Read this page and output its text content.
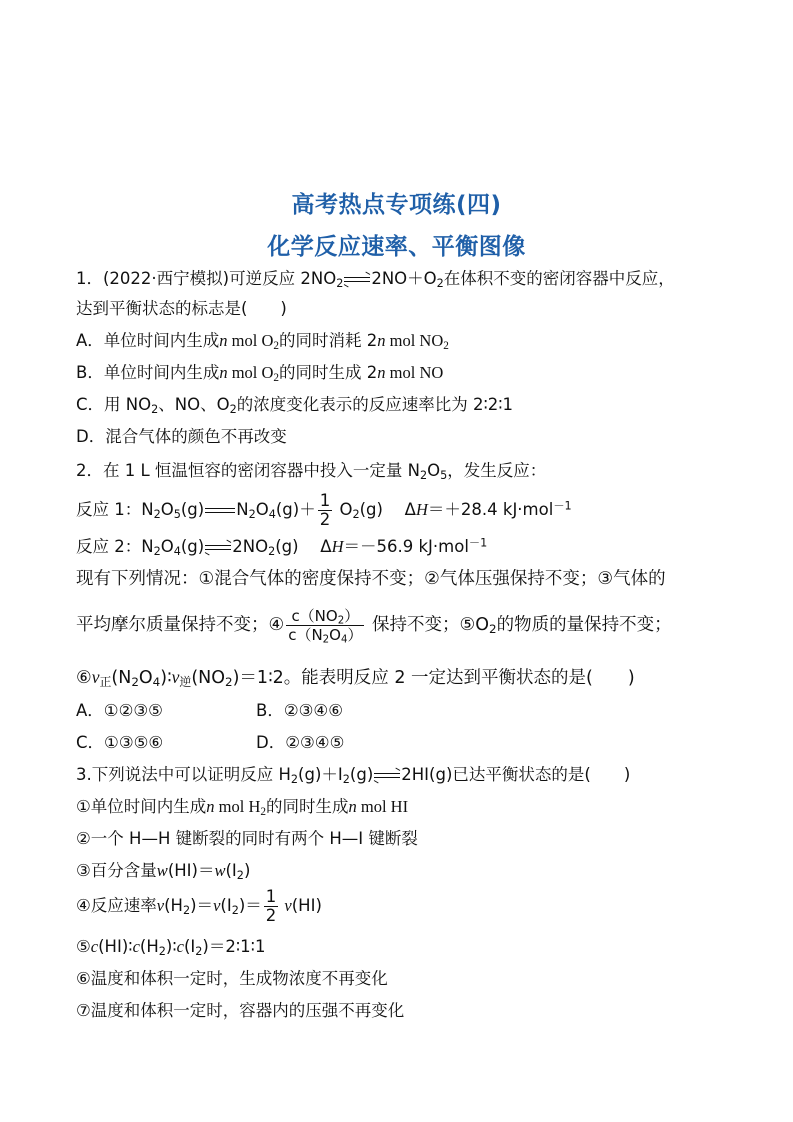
高考热点专项练(四)
化学反应速率、平衡图像
1．(2022·西宁模拟)可逆反应 $2NO_2$ $2NO+O_2$在体积不变的密闭容器中反应，
达到平衡状态的标志是(　　)
A．单位时间内生成n mol $O_2$的同时消耗 2n mol $NO_2$
B．单位时间内生成n mol $O_2$的同时生成 2n mol NO
C．用 $NO_2$、NO、$O_2$的浓度变化表示的反应速率比为 2∶2∶1
D．混合气体的颜色不再改变
2．在 1 L 恒温恒容的密闭容器中投入一定量 $N_2O_5$，发生反应：
反应 1：$N_2O_5(g)$ $N_2O_4(g)+ \frac{1}{2} O_2(g)$　 ΔH＝＋28.4 kJ·mol$^{-1}$
反应 2：$N_2O_4(g)$ $2NO_2(g)$　 ΔH＝－56.9 kJ·mol$^{-1}$
现有下列情况：①混合气体的密度保持不变；②气体压强保持不变；③气体的
平均摩尔质量保持不变；④ $\frac{c(NO_2)}{c(N_2O_4)}$ 保持不变；$⑤O_2$的物质的量保持不变；
$⑥v_正(N_2O_4)∶v_逆(NO_2)=1∶2$。能表明反应 2 一定达到平衡状态的是(　　)
A．①②③⑤	B．②③④⑥
C．①③⑤⑥	D．②③④⑤
3.下列说法中可以证明反应 $H_2(g)+I_2(g)$ 2HI(g)已达平衡状态的是(　　)
①单位时间内生成n mol $H_2$的同时生成n mol HI
②一个 H—H 键断裂的同时有两个 H—I 键断裂
③百分含量$w(HI)=w(I_2)$
④反应速率$v(H_2)=v(I_2)= \frac{1}{2} v(HI)$
$⑤c(HI)∶c(H_2)∶c(I_2)=2∶1∶1$
⑥温度和体积一定时，生成物浓度不再变化
⑦温度和体积一定时，容器内的压强不再变化
